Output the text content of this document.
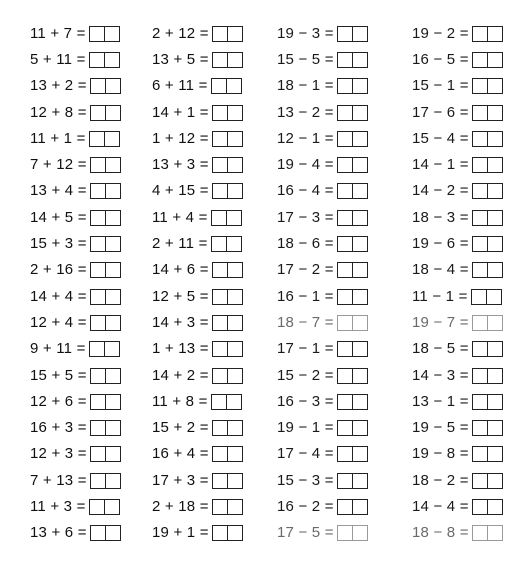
11 + 7 =
5 + 11 =
13 + 2 =
12 + 8 =
11 + 1 =
7 + 12 =
13 + 4 =
14 + 5 =
15 + 3 =
2 + 16 =
14 + 4 =
12 + 4 =
9 + 11 =
15 + 5 =
12 + 6 =
16 + 3 =
12 + 3 =
7 + 13 =
11 + 3 =
13 + 6 =
2 + 12 =
13 + 5 =
6 + 11 =
14 + 1 =
1 + 12 =
13 + 3 =
4 + 15 =
11 + 4 =
2 + 11 =
14 + 6 =
12 + 5 =
14 + 3 =
1 + 13 =
14 + 2 =
11 + 8 =
15 + 2 =
16 + 4 =
17 + 3 =
2 + 18 =
19 + 1 =
19 − 3 =
15 − 5 =
18 − 1 =
13 − 2 =
12 − 1 =
19 − 4 =
16 − 4 =
17 − 3 =
18 − 6 =
17 − 2 =
16 − 1 =
18 − 7 =
17 − 1 =
15 − 2 =
16 − 3 =
19 − 1 =
17 − 4 =
15 − 3 =
16 − 2 =
17 − 5 =
19 − 2 =
16 − 5 =
15 − 1 =
17 − 6 =
15 − 4 =
14 − 1 =
14 − 2 =
18 − 3 =
19 − 6 =
18 − 4 =
11 − 1 =
19 − 7 =
18 − 5 =
14 − 3 =
13 − 1 =
19 − 5 =
19 − 8 =
18 − 2 =
14 − 4 =
18 − 8 =
